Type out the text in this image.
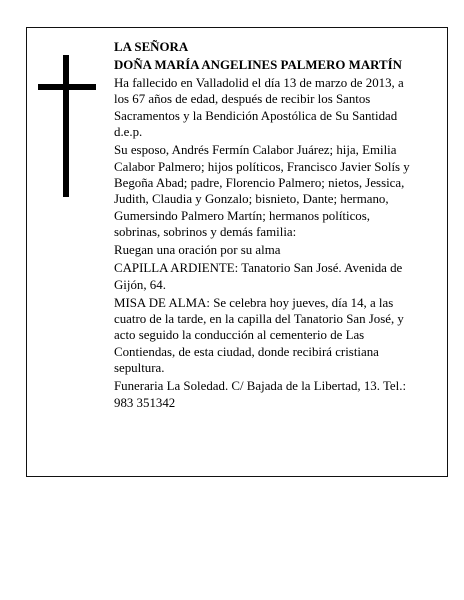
LA SEÑORA

DOÑA MARÍA ANGELINES PALMERO MARTÍN

Ha fallecido en Valladolid el día 13 de marzo de 2013, a los 67 años de edad, después de recibir los Santos Sacramentos y la Bendición Apostólica de Su Santidad d.e.p.

Su esposo, Andrés Fermín Calabor Juárez; hija, Emilia Calabor Palmero; hijos políticos, Francisco Javier Solís y Begoña Abad; padre, Florencio Palmero; nietos, Jessica, Judith, Claudia y Gonzalo; bisnieto, Dante; hermano, Gumersindo Palmero Martín; hermanos políticos, sobrinas, sobrinos y demás familia:

Ruegan una oración por su alma

CAPILLA ARDIENTE: Tanatorio San José. Avenida de Gijón, 64.

MISA DE ALMA: Se celebra hoy jueves, día 14, a las cuatro de la tarde, en la capilla del Tanatorio San José, y acto seguido la conducción al cementerio de Las Contiendas, de esta ciudad, donde recibirá cristiana sepultura.

Funeraria La Soledad. C/ Bajada de la Libertad, 13. Tel.: 983 351342
